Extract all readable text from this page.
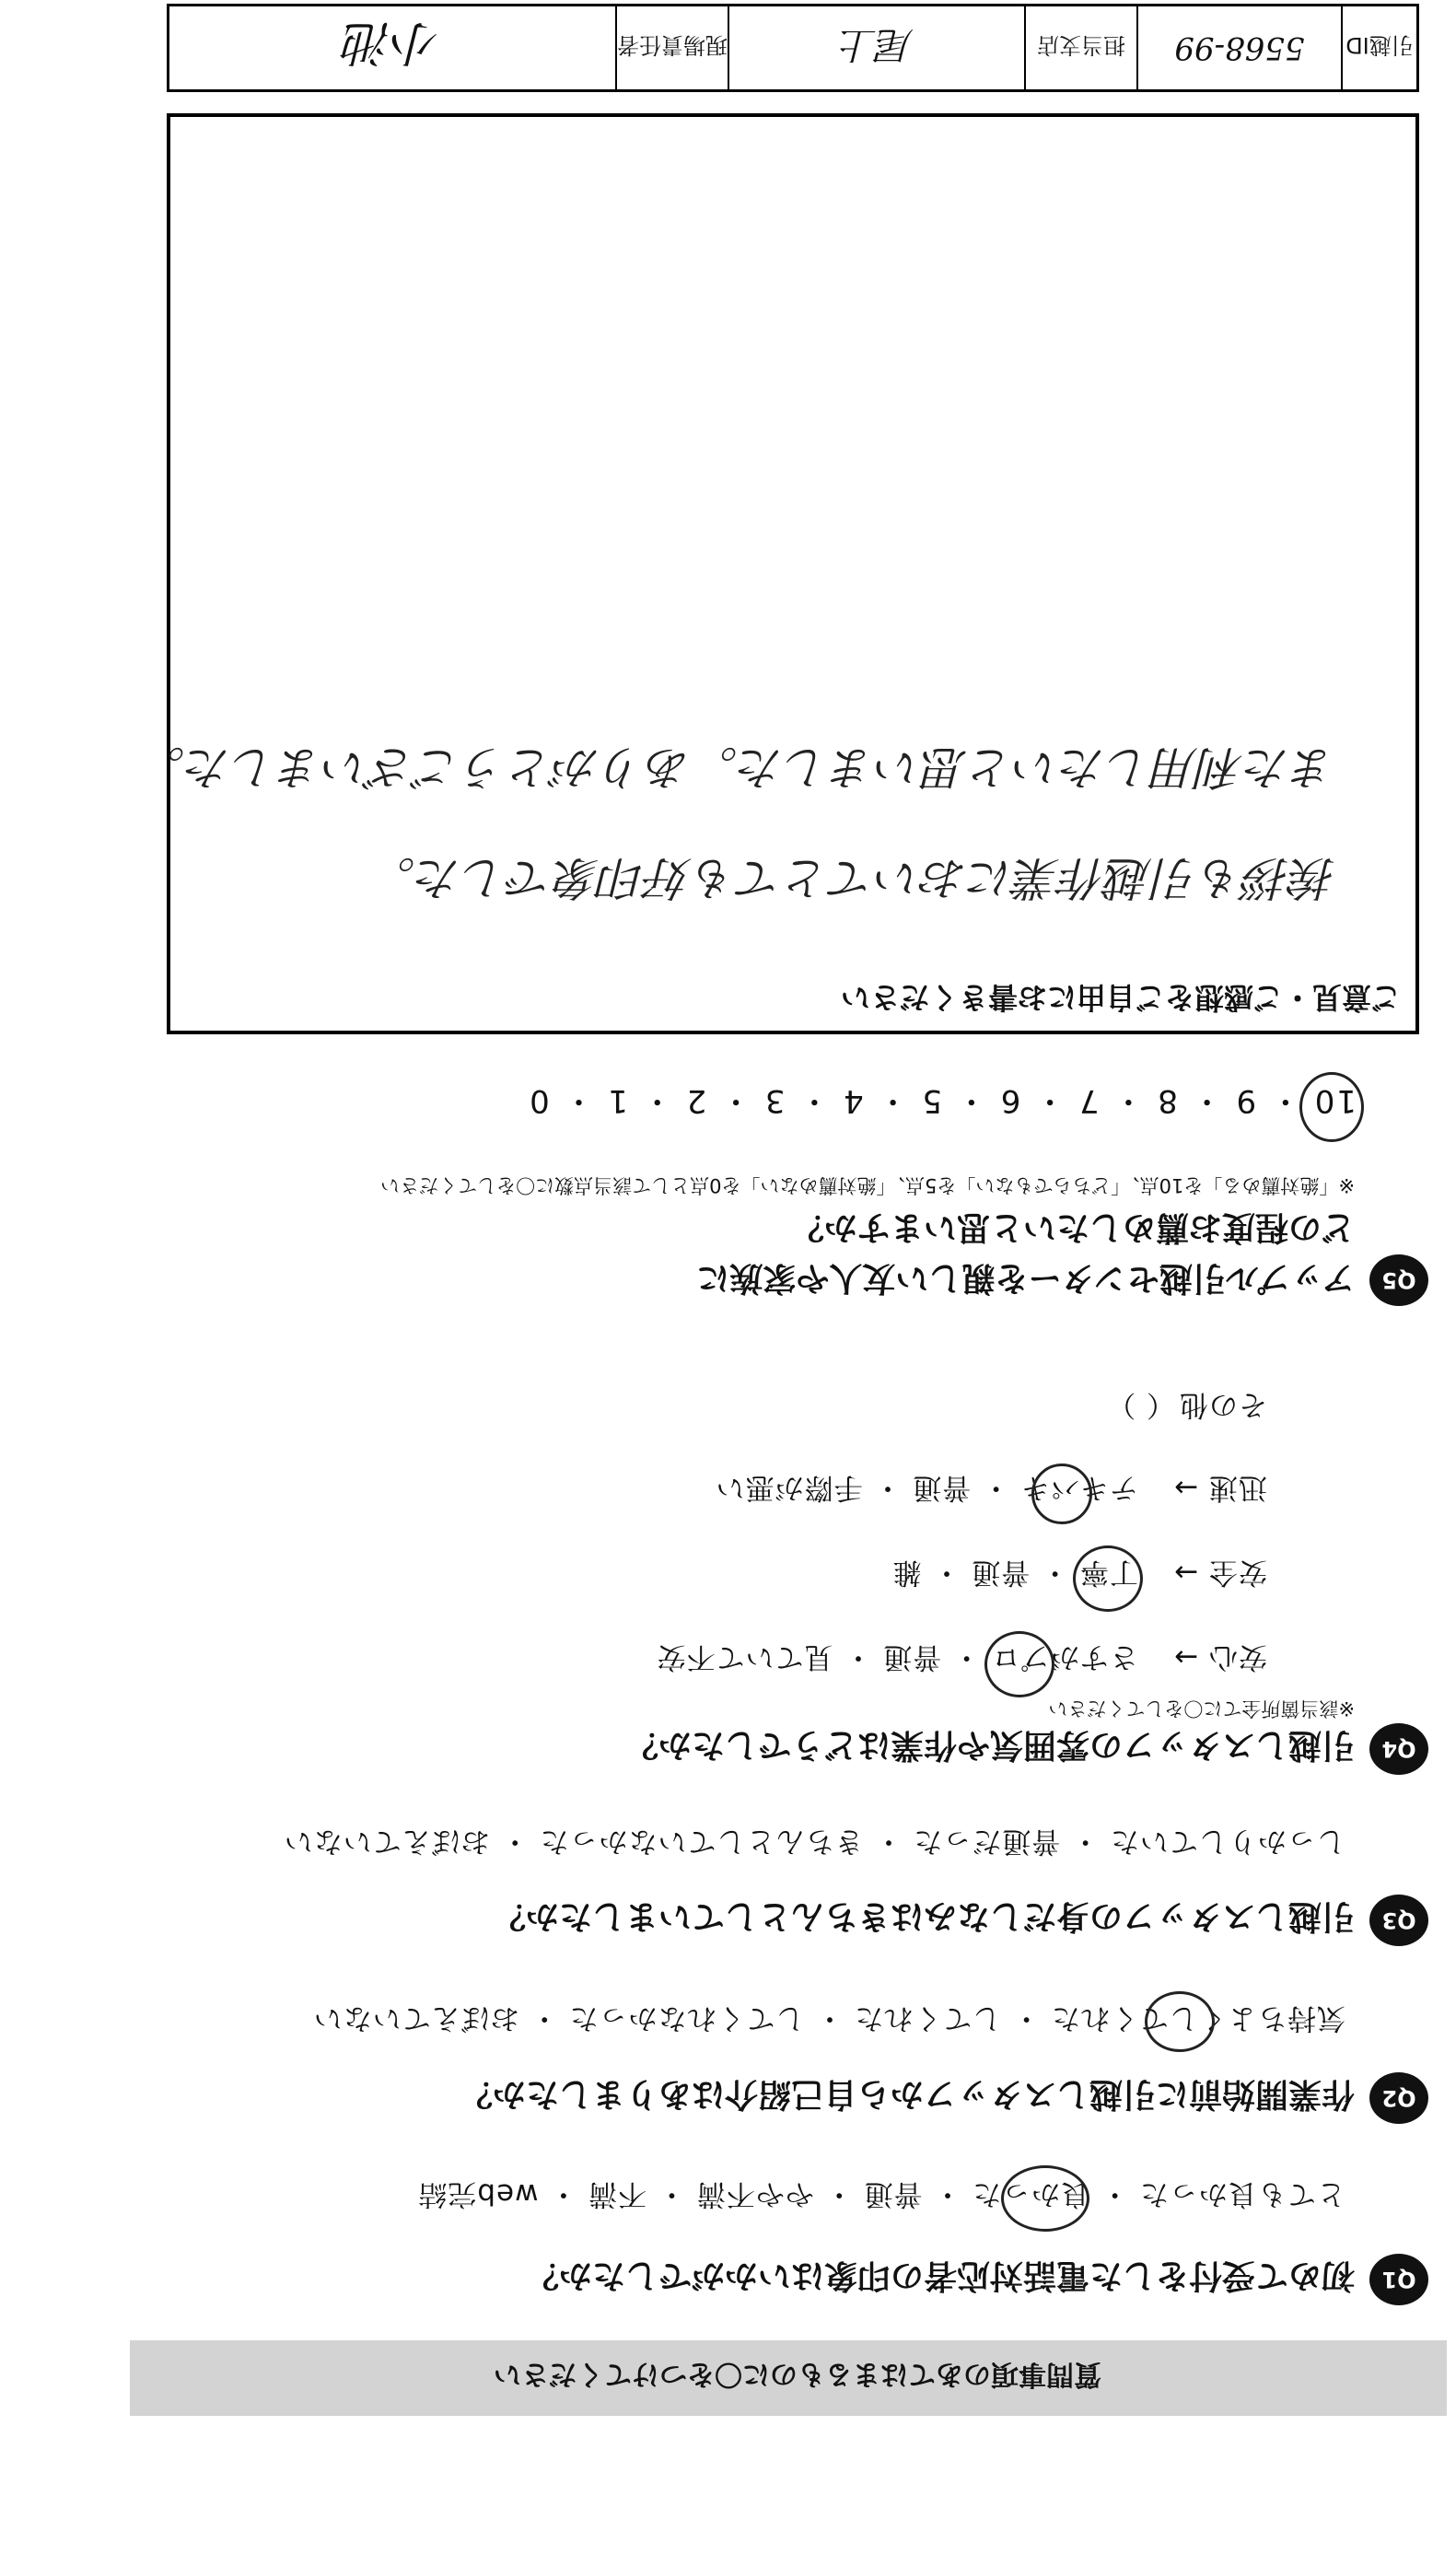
質問事項のあてはまるものに〇をつけてください
Q1
初めて受付をした電話対応者の印象はいかがでしたか？
とても良かった ・ 良かった ・ 普通 ・ やや不満 ・ 不満 ・ web完結
Q2
作業開始前に引越しスタッフから自己紹介はありましたか？
気持ちよくしてくれた ・ してくれた ・ してくれなかった ・ おぼえていない
Q3
引越しスタッフの身だしなみはきちんとしていましたか？
しっかりしていた ・ 普通だった ・ きちんとしていなかった ・ おぼえていない
Q4
引越しスタッフの雰囲気や作業はどうでしたか？
※該当箇所全てに〇をしてください
安心 →
さすがプロ ・ 普通 ・ 見ていて不安
安全 →
丁寧 ・ 普通 ・ 雑
迅速 →
テキパキ ・ 普通 ・ 手際が悪い
その他
（ ）
Q5
アップル引越センターを親しい友人や家族に
どの程度お薦めしたいと思いますか？
※「絶対薦める」を10点、「どちらでもない」を5点、「絶対薦めない」を0点として該当点数に〇をしてください
10 ・ 9 ・ 8 ・ 7 ・ 6 ・ 5 ・ 4 ・ 3 ・ 2 ・ 1 ・ 0
ご意見・ご感想をご自由にお書きください
挨拶も引越作業においてとても好印象でした。
また利用したいと思いました。ありがとうございました。
引越ID
5568-99
担当支店
尾上
現場責任者
小池
